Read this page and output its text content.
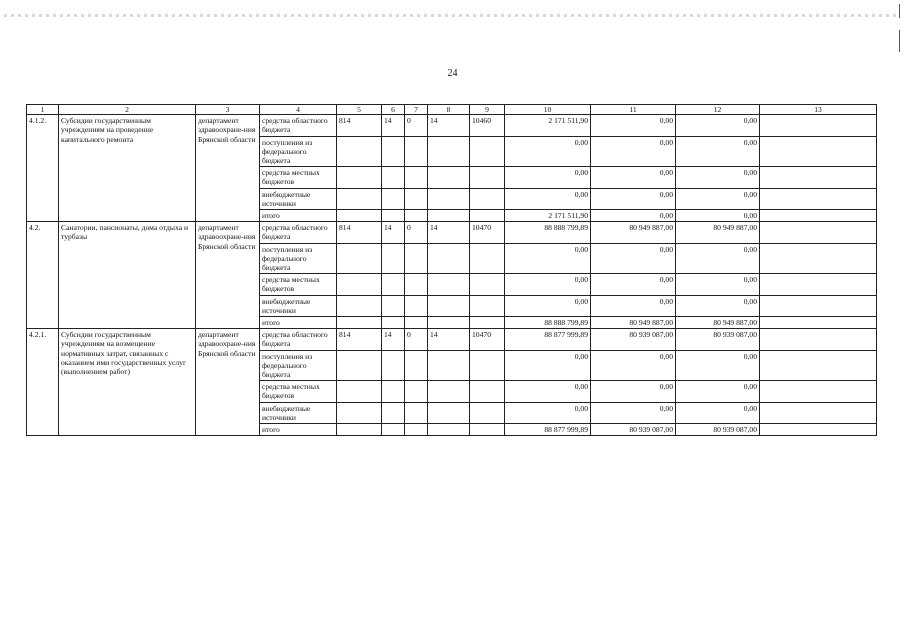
24
1	2	3	4	5	6	7	8	9	10	11	12	13
4.1.2.	Субсидии государственным учреждениям на проведение капитального ремонта	департамент здравоохране-ния Брянской области	средства областного бюджета	814	14	0	14	10460	2 171 511,90	0,00	0,00	
			поступления из федерального бюджета						0,00	0,00	0,00	
			средства местных бюджетов						0,00	0,00	0,00	
			внебюджетные источники						0,00	0,00	0,00	
			итого						2 171 511,90	0,00	0,00	
4.2.	Санатории, пансионаты, дома отдыха и турбазы	департамент здравоохране-ния Брянской области	средства областного бюджета	814	14	0	14	10470	88 888 799,89	80 949 887,00	80 949 887,00	
			поступления из федерального бюджета						0,00	0,00	0,00	
			средства местных бюджетов						0,00	0,00	0,00	
			внебюджетные источники						0,00	0,00	0,00	
			итого						88 888 799,89	80 949 887,00	80 949 887,00	
4.2.1.	Субсидии государственным учреждениям на возмещение нормативных затрат, связанных с оказанием ими государственных услуг (выполнением работ)	департамент здравоохране-ния Брянской области	средства областного бюджета	814	14	0	14	10470	88 877 999,89	80 939 087,00	80 939 087,00	
			поступления из федерального бюджета						0,00	0,00	0,00	
			средства местных бюджетов						0,00	0,00	0,00	
			внебюджетные источники						0,00	0,00	0,00	
			итого						88 877 999,89	80 939 087,00	80 939 087,00	
